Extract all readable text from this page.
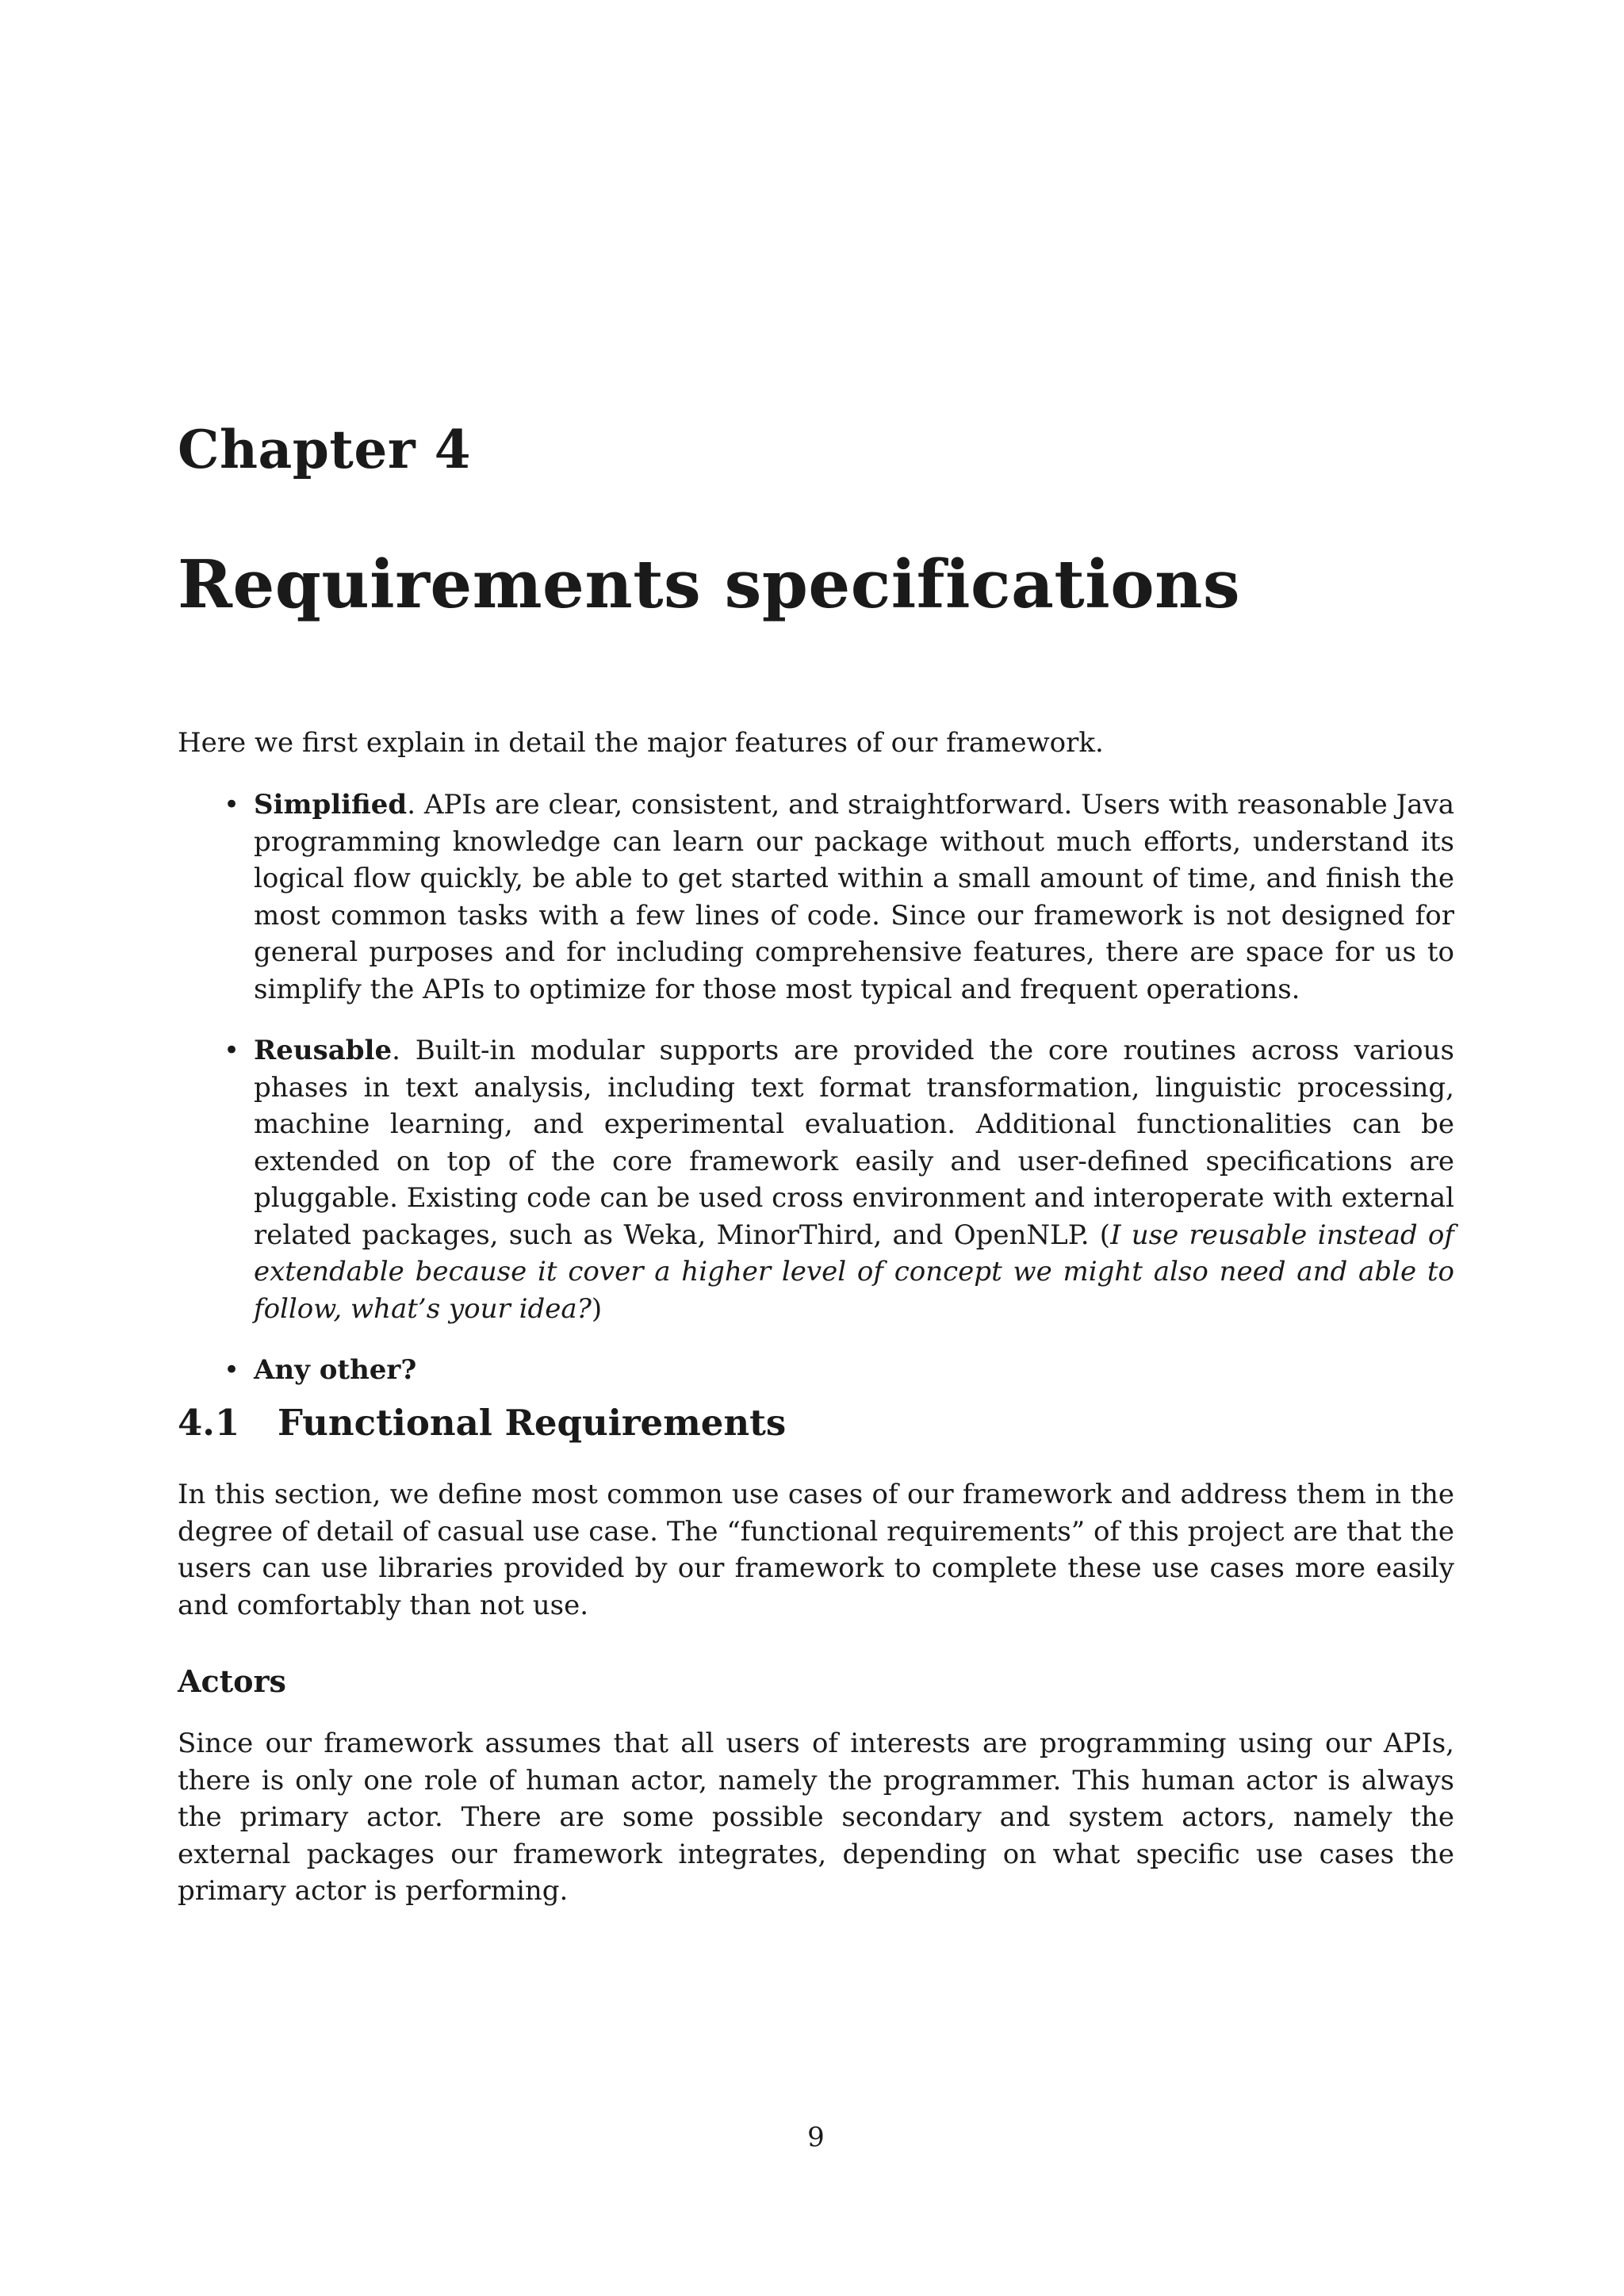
Chapter 4
Requirements specifications

Here we first explain in detail the major features of our framework.

• Simplified. APIs are clear, consistent, and straightforward. Users with reasonable Java programming knowledge can learn our package without much efforts, understand its logical flow quickly, be able to get started within a small amount of time, and finish the most common tasks with a few lines of code. Since our framework is not designed for general purposes and for including comprehensive features, there are space for us to simplify the APIs to optimize for those most typical and frequent operations.
• Reusable. Built-in modular supports are provided the core routines across various phases in text analysis, including text format transformation, linguistic processing, machine learning, and experimental evaluation. Additional functionalities can be extended on top of the core framework easily and user-defined specifications are pluggable. Existing code can be used cross environment and interoperate with external related packages, such as Weka, MinorThird, and OpenNLP. (I use reusable instead of extendable because it cover a higher level of concept we might also need and able to follow, what’s your idea?)
• Any other?
4.1 Functional Requirements

In this section, we define most common use cases of our framework and address them in the degree of detail of casual use case. The “functional requirements” of this project are that the users can use libraries provided by our framework to complete these use cases more easily and comfortably than not use.

Actors

Since our framework assumes that all users of interests are programming using our APIs, there is only one role of human actor, namely the programmer. This human actor is always the primary actor. There are some possible secondary and system actors, namely the external packages our framework integrates, depending on what specific use cases the primary actor is performing.

9
